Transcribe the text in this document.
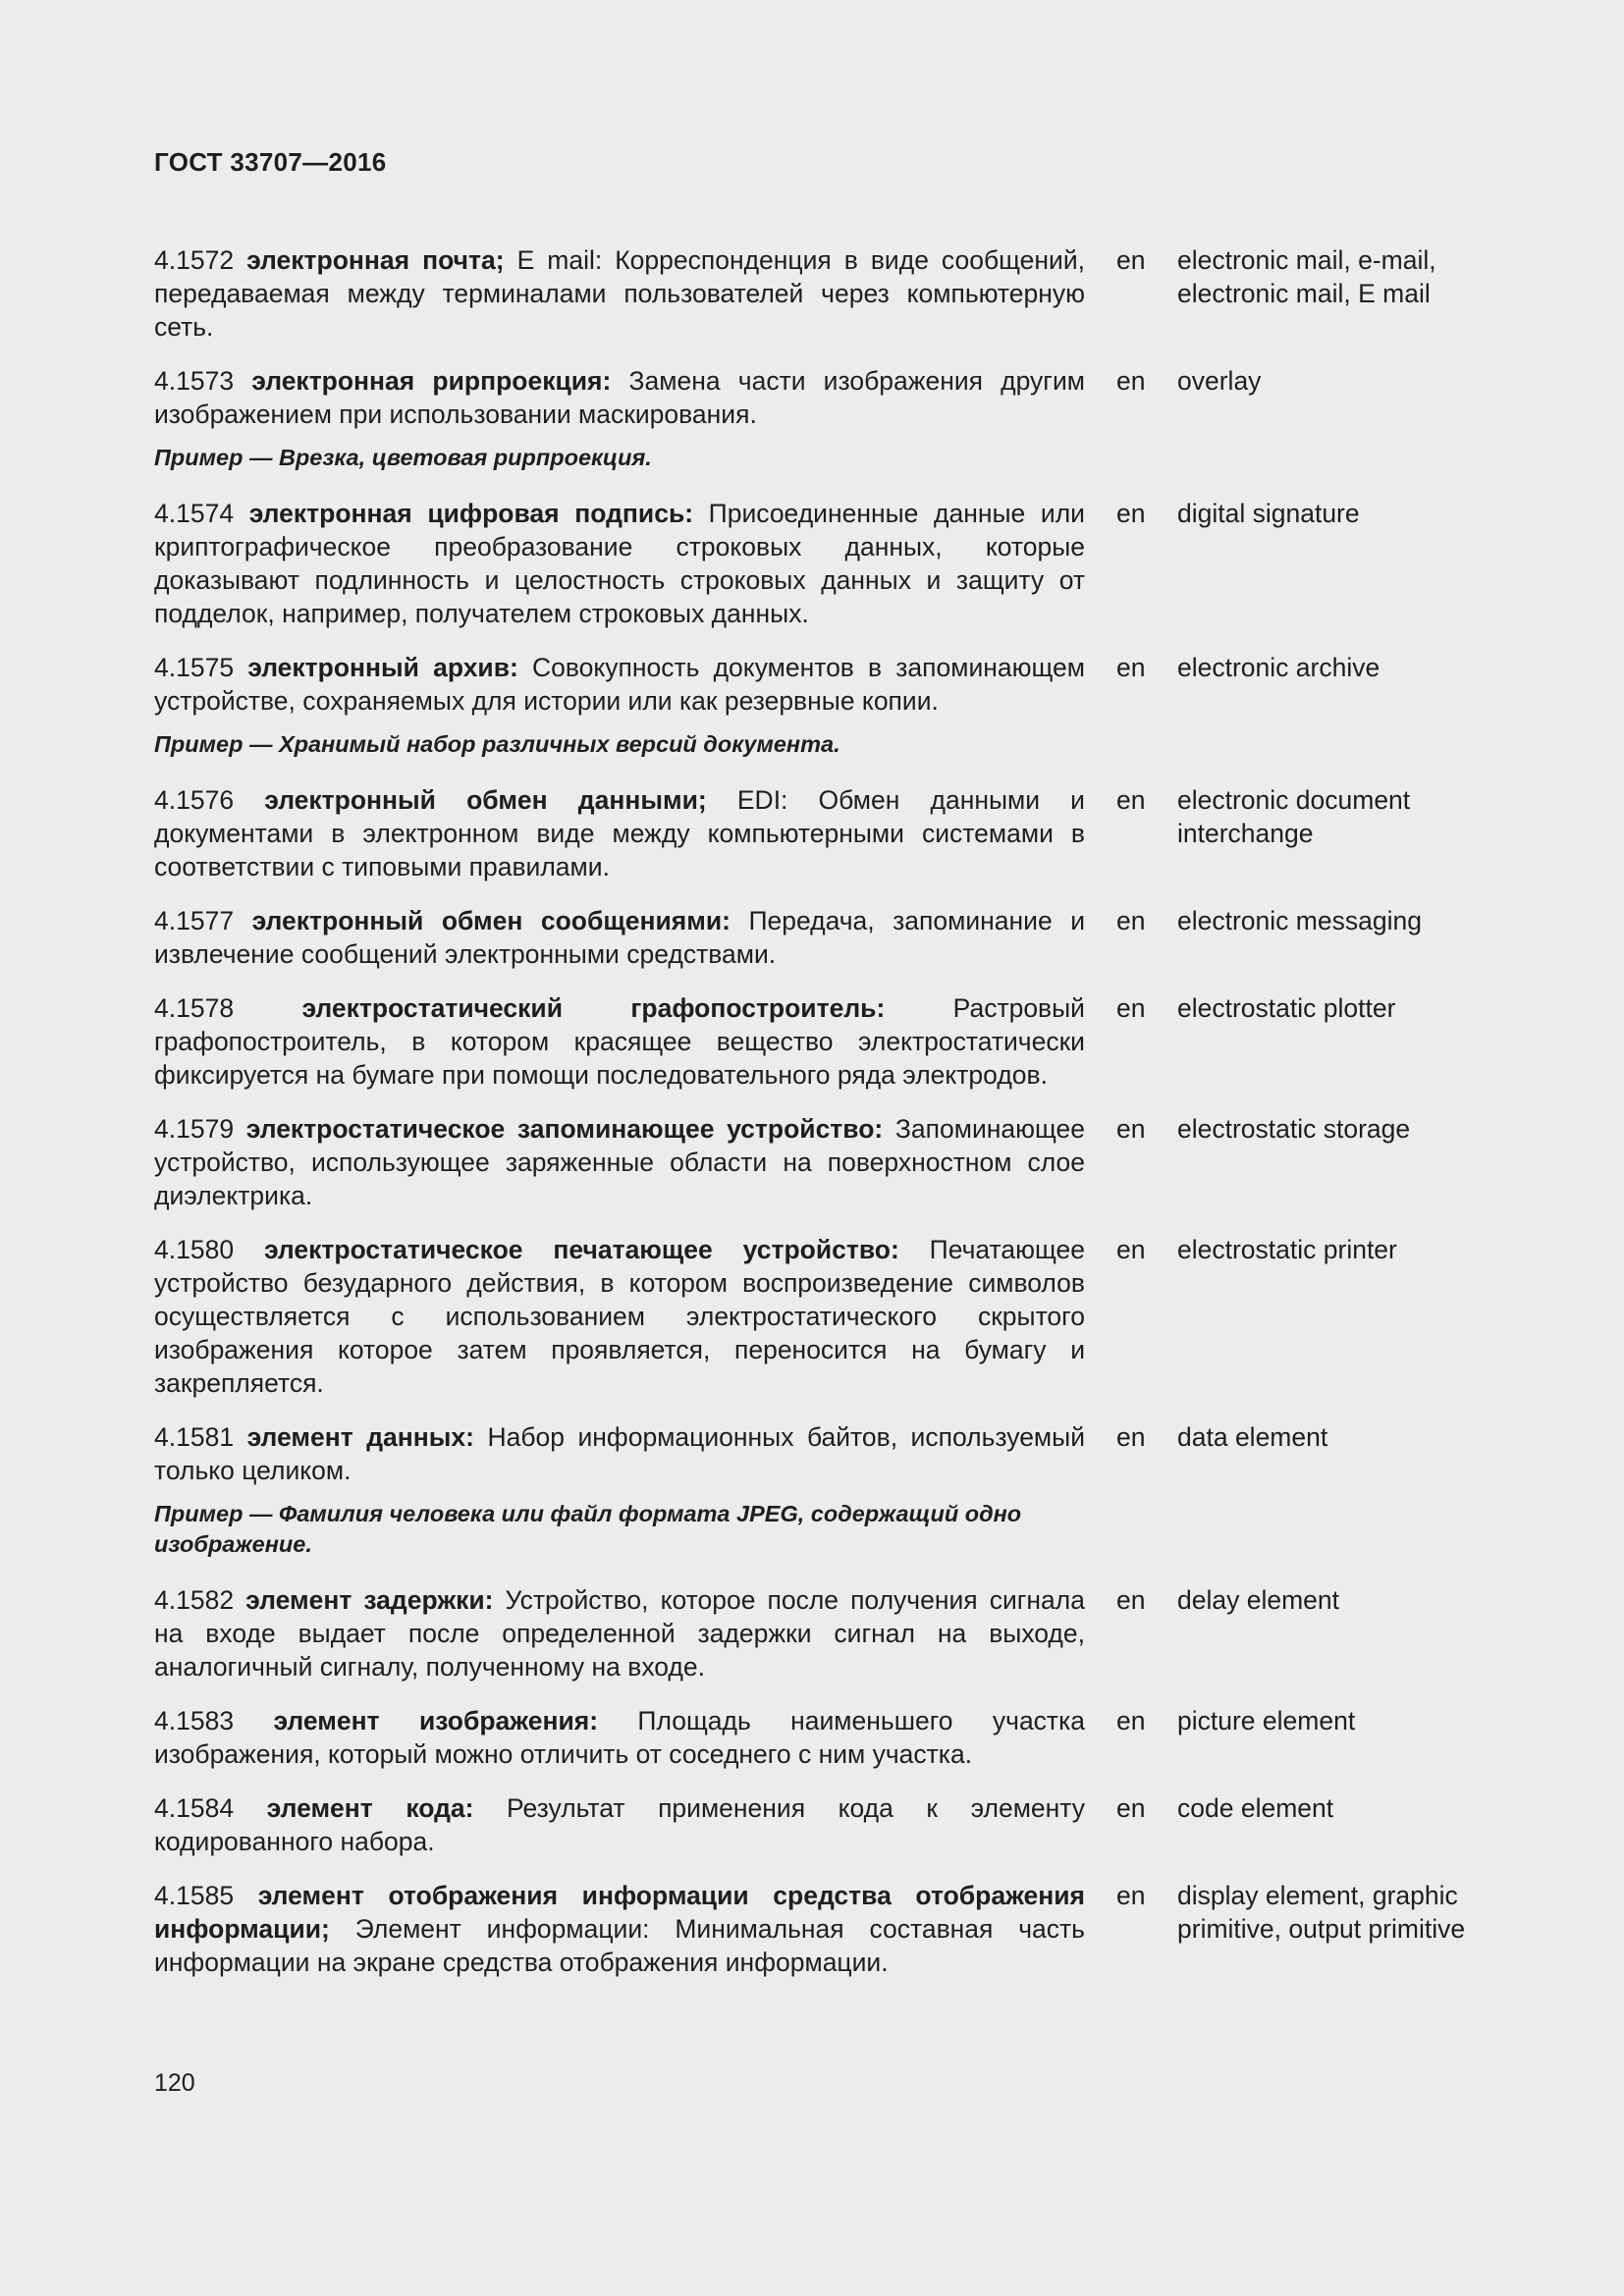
ГОСТ 33707—2016
4.1572 электронная почта; E mail: Корреспонденция в виде сообщений, передаваемая между терминалами пользователей через компьютерную сеть.
en	electronic mail, e-mail, electronic mail, E mail
4.1573 электронная рирпроекция: Замена части изображения другим изображением при использовании маскирования.
en	overlay
Пример — Врезка, цветовая рирпроекция.
4.1574 электронная цифровая подпись: Присоединенные данные или криптографическое преобразование строковых данных, которые доказывают подлинность и целостность строковых данных и защиту от подделок, например, получателем строковых данных.
en	digital signature
4.1575 электронный архив: Совокупность документов в запоминающем устройстве, сохраняемых для истории или как резервные копии.
en	electronic archive
Пример — Хранимый набор различных версий документа.
4.1576 электронный обмен данными; EDI: Обмен данными и документами в электронном виде между компьютерными системами в соответствии с типовыми правилами.
en	electronic document interchange
4.1577 электронный обмен сообщениями: Передача, запоминание и извлечение сообщений электронными средствами.
en	electronic messaging
4.1578	электростатический графопостроитель: Растровый графопостроитель, в котором красящее вещество электростатически фиксируется на бумаге при помощи последовательного ряда электродов.
en	electrostatic plotter
4.1579 электростатическое запоминающее устройство: Запоминающее устройство, использующее заряженные области на поверхностном слое диэлектрика.
en	electrostatic storage
4.1580 электростатическое печатающее устройство: Печатающее устройство безударного действия, в котором воспроизведение символов осуществляется с использованием электростатического скрытого изображения которое затем проявляется, переносится на бумагу и закрепляется.
en	electrostatic printer
4.1581 элемент данных: Набор информационных байтов, используемый только целиком.
en	data element
Пример — Фамилия человека или файл формата JPEG, содержащий одно изображение.
4.1582 элемент задержки: Устройство, которое после получения сигнала на входе выдает после определенной задержки сигнал на выходе, аналогичный сигналу, полученному на входе.
en	delay element
4.1583 элемент изображения: Площадь наименьшего участка изображения, который можно отличить от соседнего с ним участка.
en	picture element
4.1584 элемент кода: Результат применения кода к элементу кодированного набора.
en	code element
4.1585 элемент отображения информации средства отображения информации; Элемент информации: Минимальная составная часть информации на экране средства отображения информации.
en	display element, graphic primitive, output primitive
120
